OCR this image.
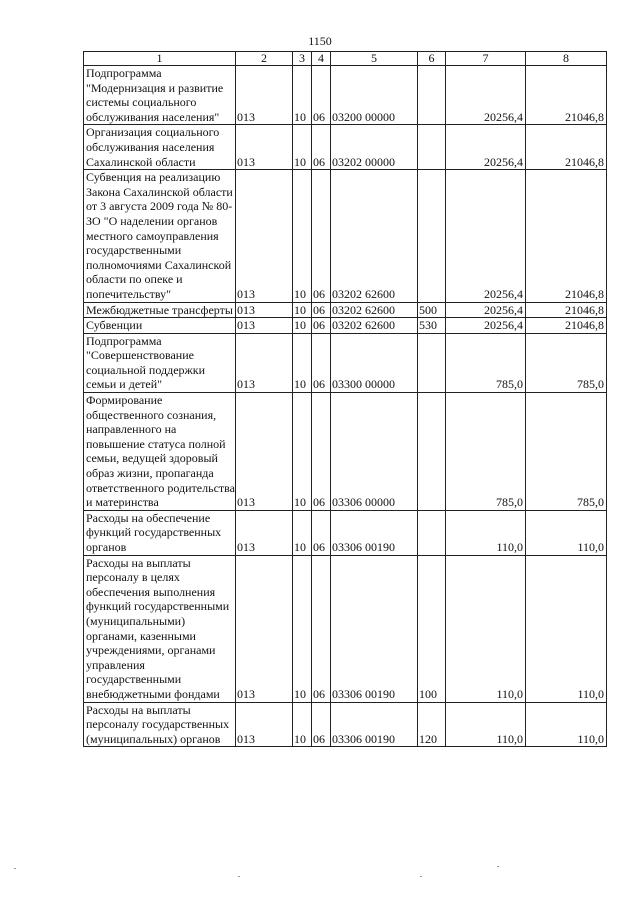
1150
1	2	3	4	5	6	7	8
Подпрограмма "Модернизация и развитие системы социального обслуживания населения"	013	10	06	03200 00000		20256,4	21046,8
Организация социального обслуживания населения Сахалинской области	013	10	06	03202 00000		20256,4	21046,8
Субвенция на реализацию Закона Сахалинской области от 3 августа 2009 года № 80-ЗО "О наделении органов местного самоуправления государственными полномочиями Сахалинской области по опеке и попечительству"	013	10	06	03202 62600		20256,4	21046,8
Межбюджетные трансферты	013	10	06	03202 62600	500	20256,4	21046,8
Субвенции	013	10	06	03202 62600	530	20256,4	21046,8
Подпрограмма "Совершенствование социальной поддержки семьи и детей"	013	10	06	03300 00000		785,0	785,0
Формирование общественного сознания, направленного на повышение статуса полной семьи, ведущей здоровый образ жизни, пропаганда ответственного родительства и материнства	013	10	06	03306 00000		785,0	785,0
Расходы на обеспечение функций государственных органов	013	10	06	03306 00190		110,0	110,0
Расходы на выплаты персоналу в целях обеспечения выполнения функций государственными (муниципальными) органами, казенными учреждениями, органами управления государственными внебюджетными фондами	013	10	06	03306 00190	100	110,0	110,0
Расходы на выплаты персоналу государственных (муниципальных) органов	013	10	06	03306 00190	120	110,0	110,0
